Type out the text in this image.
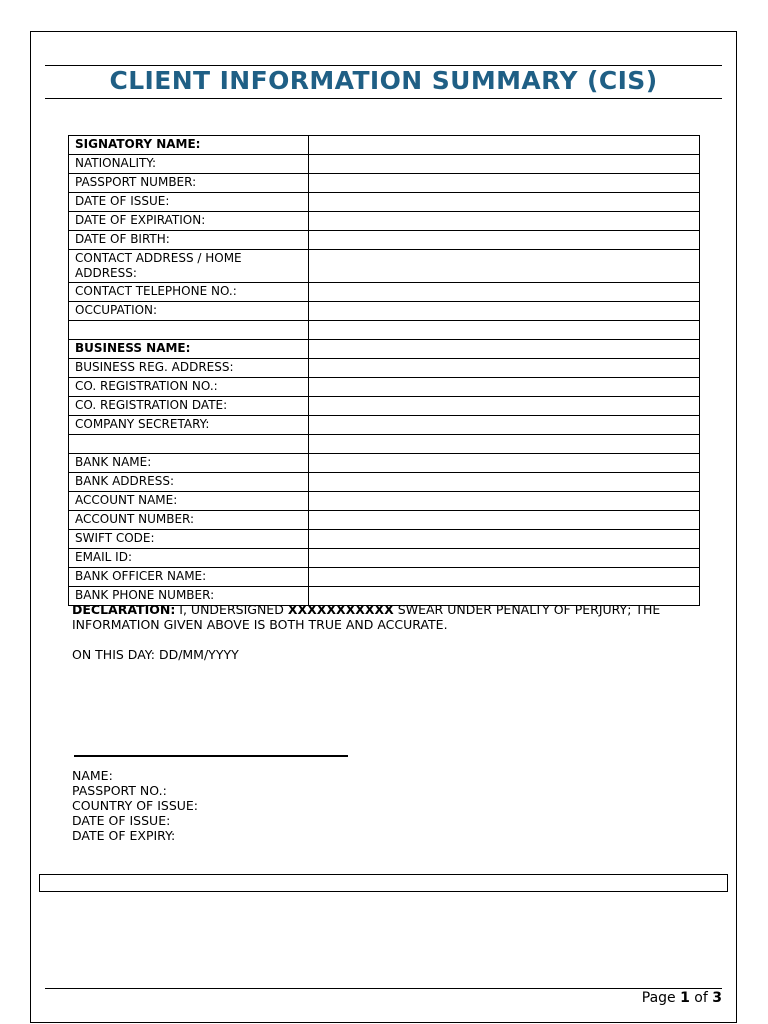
CLIENT INFORMATION SUMMARY (CIS)
SIGNATORY NAME:	
NATIONALITY:	
PASSPORT NUMBER:	
DATE OF ISSUE:	
DATE OF EXPIRATION:	
DATE OF BIRTH:	
CONTACT ADDRESS / HOME ADDRESS:	
CONTACT TELEPHONE NO.:	
OCCUPATION:	

BUSINESS NAME:	
BUSINESS REG. ADDRESS:	
CO. REGISTRATION NO.:	
CO. REGISTRATION DATE:	
COMPANY SECRETARY:	

BANK NAME:	
BANK ADDRESS:	
ACCOUNT NAME:	
ACCOUNT NUMBER:	
SWIFT CODE:	
EMAIL ID:	
BANK OFFICER NAME:	
BANK PHONE NUMBER:	
DECLARATION: I, UNDERSIGNED XXXXXXXXXXX SWEAR UNDER PENALTY OF PERJURY; THE INFORMATION GIVEN ABOVE IS BOTH TRUE AND ACCURATE.
ON THIS DAY: DD/MM/YYYY
NAME:
PASSPORT NO.:
COUNTRY OF ISSUE:
DATE OF ISSUE:
DATE OF EXPIRY:
Page 1 of 3
